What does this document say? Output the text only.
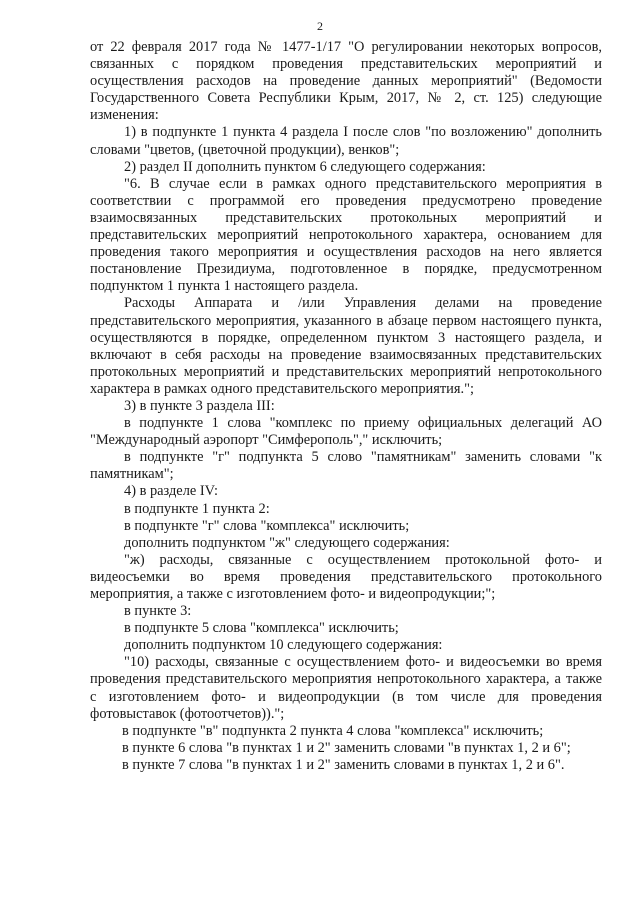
2

от 22 февраля 2017 года № 1477-1/17 "О регулировании некоторых вопросов, связанных с порядком проведения представительских мероприятий и осуществления расходов на проведение данных мероприятий" (Ведомости Государственного Совета Республики Крым, 2017, № 2, ст. 125) следующие изменения:

1) в подпункте 1 пункта 4 раздела I после слов "по возложению" дополнить словами "цветов, (цветочной продукции), венков";

2) раздел II дополнить пунктом 6 следующего содержания:

"6. В случае если в рамках одного представительского мероприятия в соответствии с программой его проведения предусмотрено проведение взаимосвязанных представительских протокольных мероприятий и представительских мероприятий непротокольного характера, основанием для проведения такого мероприятия и осуществления расходов на него является постановление Президиума, подготовленное в порядке, предусмотренном подпунктом 1 пункта 1 настоящего раздела.

Расходы Аппарата и /или Управления делами на проведение представительского мероприятия, указанного в абзаце первом настоящего пункта, осуществляются в порядке, определенном пунктом 3 настоящего раздела, и включают в себя расходы на проведение взаимосвязанных представительских протокольных мероприятий и представительских мероприятий непротокольного характера в рамках одного представительского мероприятия.";

3) в пункте 3 раздела III:

в подпункте 1 слова "комплекс по приему официальных делегаций АО "Международный аэропорт "Симферополь"," исключить;

в подпункте "г" подпункта 5 слово "памятникам" заменить словами "к памятникам";

4) в разделе IV:

в подпункте 1 пункта 2:

в подпункте "г" слова "комплекса" исключить;

дополнить подпунктом "ж" следующего содержания:

"ж) расходы, связанные с осуществлением протокольной фото- и видеосъемки во время проведения представительского протокольного мероприятия, а также с изготовлением фото- и видеопродукции;";

в пункте 3:

в подпункте 5 слова "комплекса" исключить;

дополнить подпунктом 10 следующего содержания:

"10) расходы, связанные с осуществлением фото- и видеосъемки во время проведения представительского мероприятия непротокольного характера, а также с изготовлением фото- и видеопродукции (в том числе для проведения фотовыставок (фотоотчетов)).";

в подпункте "в" подпункта 2 пункта 4 слова "комплекса" исключить;

в пункте 6 слова "в пунктах 1 и 2" заменить словами "в пунктах 1, 2 и 6";

в пункте 7 слова "в пунктах 1 и 2" заменить словами в пунктах 1, 2 и 6".
